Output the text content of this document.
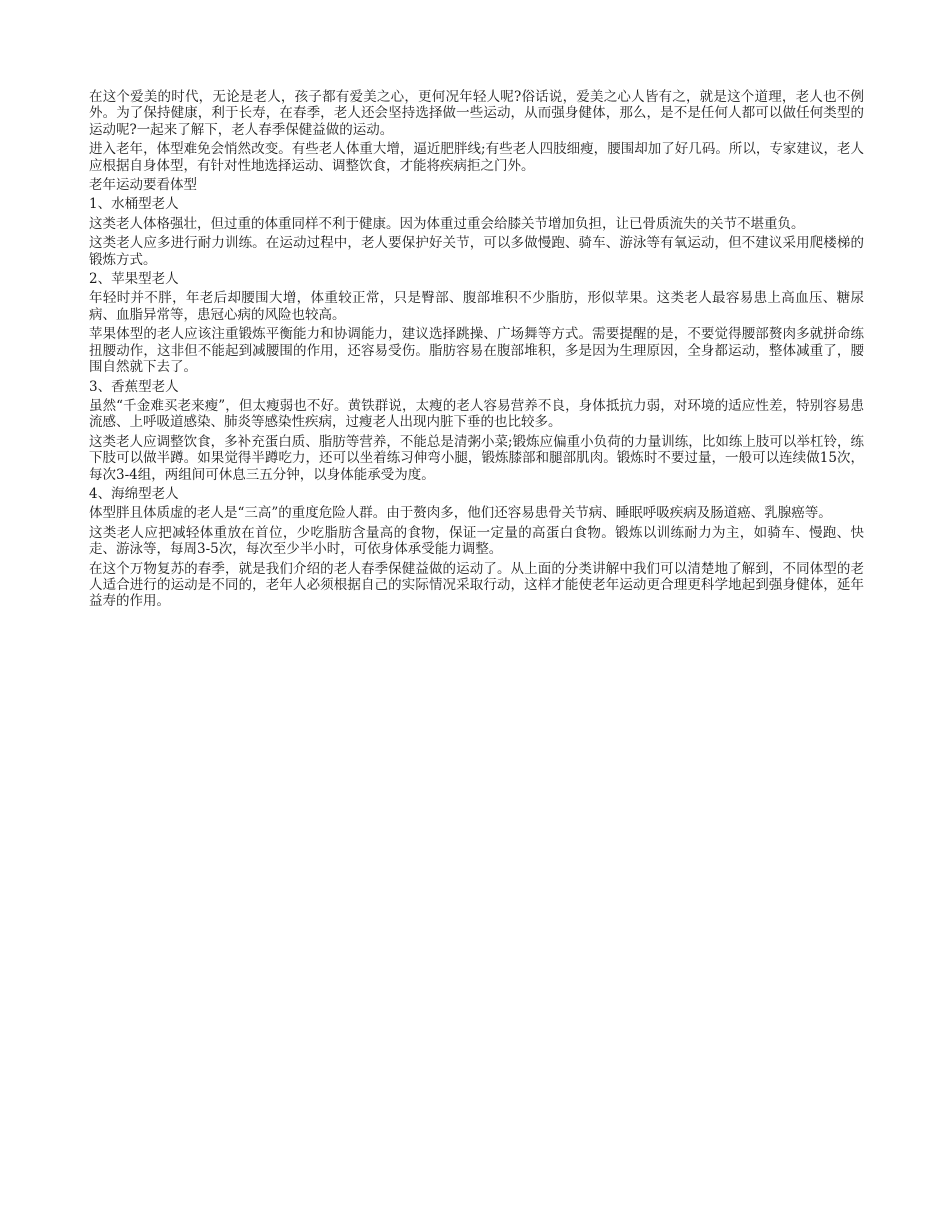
在这个爱美的时代，无论是老人，孩子都有爱美之心，更何况年轻人呢?俗话说，爱美之心人皆有之，就是这个道理，老人也不例外。为了保持健康，利于长寿，在春季，老人还会坚持选择做一些运动，从而强身健体，那么，是不是任何人都可以做任何类型的运动呢?一起来了解下，老人春季保健益做的运动。

进入老年，体型难免会悄然改变。有些老人体重大增，逼近肥胖线;有些老人四肢细瘦，腰围却加了好几码。所以，专家建议，老人应根据自身体型，有针对性地选择运动、调整饮食，才能将疾病拒之门外。

老年运动要看体型

1、水桶型老人

这类老人体格强壮，但过重的体重同样不利于健康。因为体重过重会给膝关节增加负担，让已骨质流失的关节不堪重负。

这类老人应多进行耐力训练。在运动过程中，老人要保护好关节，可以多做慢跑、骑车、游泳等有氧运动，但不建议采用爬楼梯的锻炼方式。

2、苹果型老人

年轻时并不胖，年老后却腰围大增，体重较正常，只是臀部、腹部堆积不少脂肪，形似苹果。这类老人最容易患上高血压、糖尿病、血脂异常等，患冠心病的风险也较高。

苹果体型的老人应该注重锻炼平衡能力和协调能力，建议选择跳操、广场舞等方式。需要提醒的是，不要觉得腰部赘肉多就拼命练扭腰动作，这非但不能起到减腰围的作用，还容易受伤。脂肪容易在腹部堆积，多是因为生理原因，全身都运动，整体减重了，腰围自然就下去了。

3、香蕉型老人

虽然“千金难买老来瘦”，但太瘦弱也不好。黄铁群说，太瘦的老人容易营养不良，身体抵抗力弱，对环境的适应性差，特别容易患流感、上呼吸道感染、肺炎等感染性疾病，过瘦老人出现内脏下垂的也比较多。

这类老人应调整饮食，多补充蛋白质、脂肪等营养，不能总是清粥小菜;锻炼应偏重小负荷的力量训练，比如练上肢可以举杠铃，练下肢可以做半蹲。如果觉得半蹲吃力，还可以坐着练习伸弯小腿，锻炼膝部和腿部肌肉。锻炼时不要过量，一般可以连续做15次，每次3-4组，两组间可休息三五分钟，以身体能承受为度。

4、海绵型老人

体型胖且体质虚的老人是“三高”的重度危险人群。由于赘肉多，他们还容易患骨关节病、睡眠呼吸疾病及肠道癌、乳腺癌等。

这类老人应把减轻体重放在首位，少吃脂肪含量高的食物，保证一定量的高蛋白食物。锻炼以训练耐力为主，如骑车、慢跑、快走、游泳等，每周3-5次，每次至少半小时，可依身体承受能力调整。

在这个万物复苏的春季，就是我们介绍的老人春季保健益做的运动了。从上面的分类讲解中我们可以清楚地了解到，不同体型的老人适合进行的运动是不同的，老年人必须根据自己的实际情况采取行动，这样才能使老年运动更合理更科学地起到强身健体，延年益寿的作用。
